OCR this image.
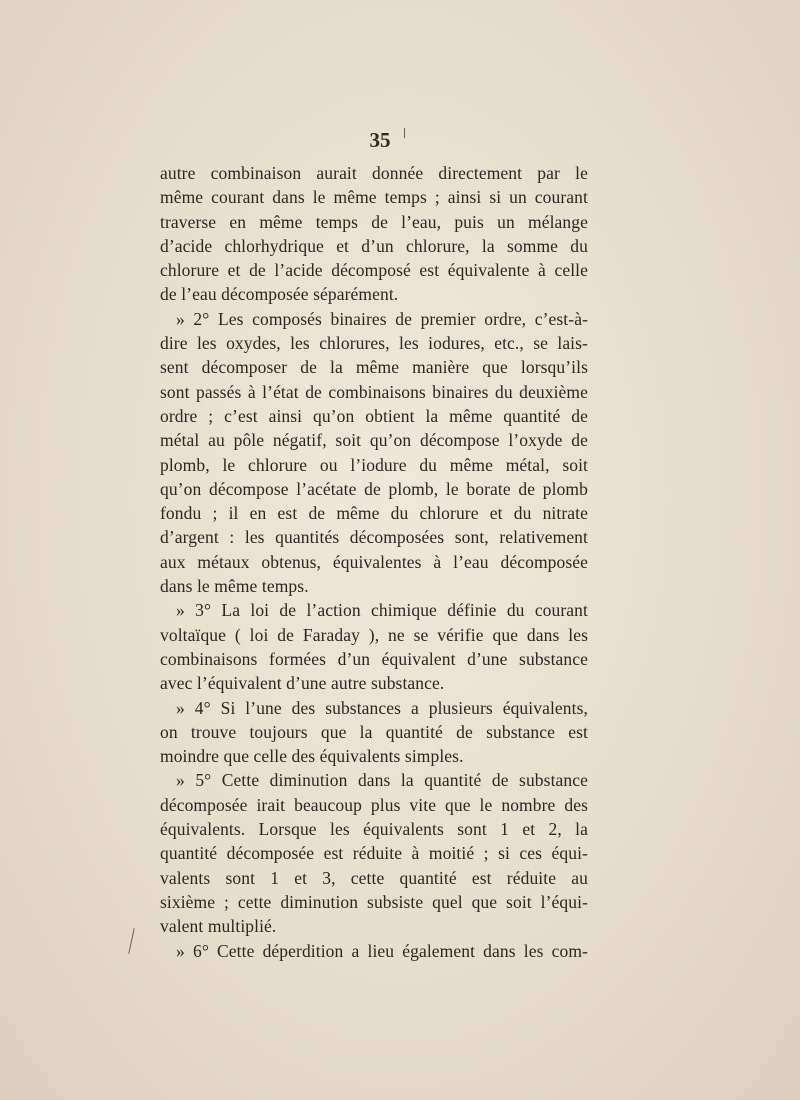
35
autre combinaison aurait donnée directement par le
même courant dans le même temps ; ainsi si un courant
traverse en même temps de l’eau, puis un mélange
d’acide chlorhydrique et d’un chlorure, la somme du
chlorure et de l’acide décomposé est équivalente à celle
de l’eau décomposée séparément.
» 2° Les composés binaires de premier ordre, c’est-à-
dire les oxydes, les chlorures, les iodures, etc., se lais-
sent décomposer de la même manière que lorsqu’ils
sont passés à l’état de combinaisons binaires du deuxième
ordre ; c’est ainsi qu’on obtient la même quantité de
métal au pôle négatif, soit qu’on décompose l’oxyde de
plomb, le chlorure ou l’iodure du même métal, soit
qu’on décompose l’acétate de plomb, le borate de plomb
fondu ; il en est de même du chlorure et du nitrate
d’argent : les quantités décomposées sont, relativement
aux métaux obtenus, équivalentes à l’eau décomposée
dans le même temps.
» 3° La loi de l’action chimique définie du courant
voltaïque ( loi de Faraday ), ne se vérifie que dans les
combinaisons formées d’un équivalent d’une substance
avec l’équivalent d’une autre substance.
» 4° Si l’une des substances a plusieurs équivalents,
on trouve toujours que la quantité de substance est
moindre que celle des équivalents simples.
» 5° Cette diminution dans la quantité de substance
décomposée irait beaucoup plus vite que le nombre des
équivalents. Lorsque les équivalents sont 1 et 2, la
quantité décomposée est réduite à moitié ; si ces équi-
valents sont 1 et 3, cette quantité est réduite au
sixième ; cette diminution subsiste quel que soit l’équi-
valent multiplié.
» 6° Cette déperdition a lieu également dans les com-
